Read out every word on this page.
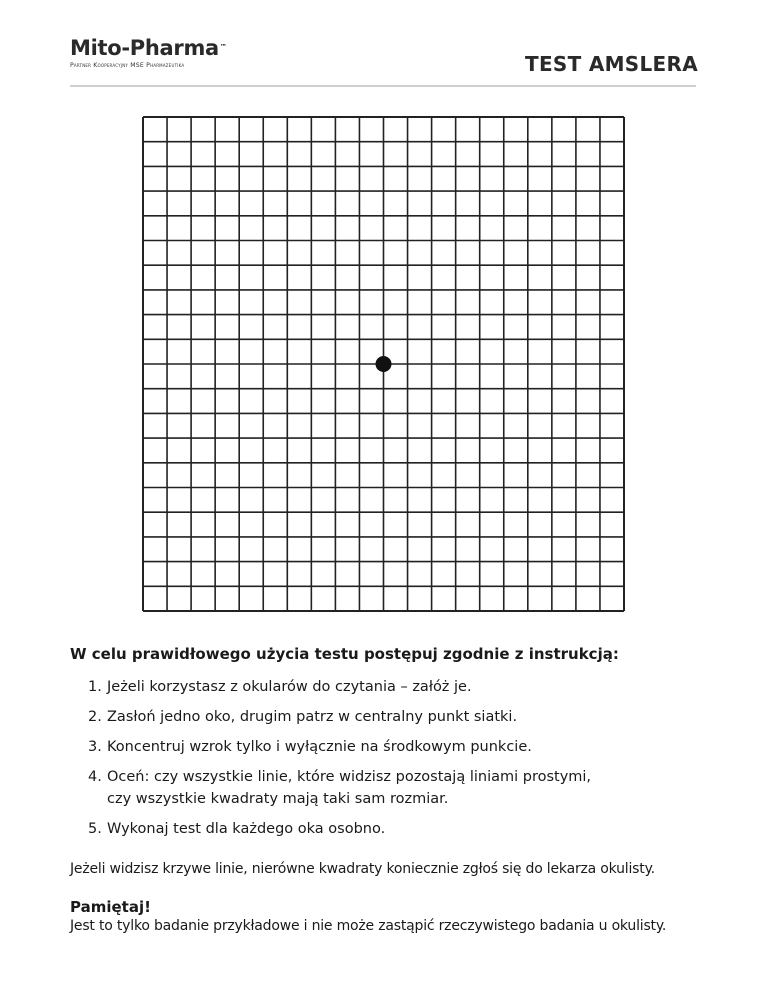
Mito-Pharma™
Partner Kooperacyjny MSE Pharmazeutika	TEST AMSLERA
W celu prawidłowego użycia testu postępuj zgodnie z instrukcją:
1. Jeżeli korzystasz z okularów do czytania – załóż je.
2. Zasłoń jedno oko, drugim patrz w centralny punkt siatki.
3. Koncentruj wzrok tylko i wyłącznie na środkowym punkcie.
4. Oceń: czy wszystkie linie, które widzisz pozostają liniami prostymi,
czy wszystkie kwadraty mają taki sam rozmiar.
5. Wykonaj test dla każdego oka osobno.
Jeżeli widzisz krzywe linie, nierówne kwadraty koniecznie zgłoś się do lekarza okulisty.
Pamiętaj!
Jest to tylko badanie przykładowe i nie może zastąpić rzeczywistego badania u okulisty.
